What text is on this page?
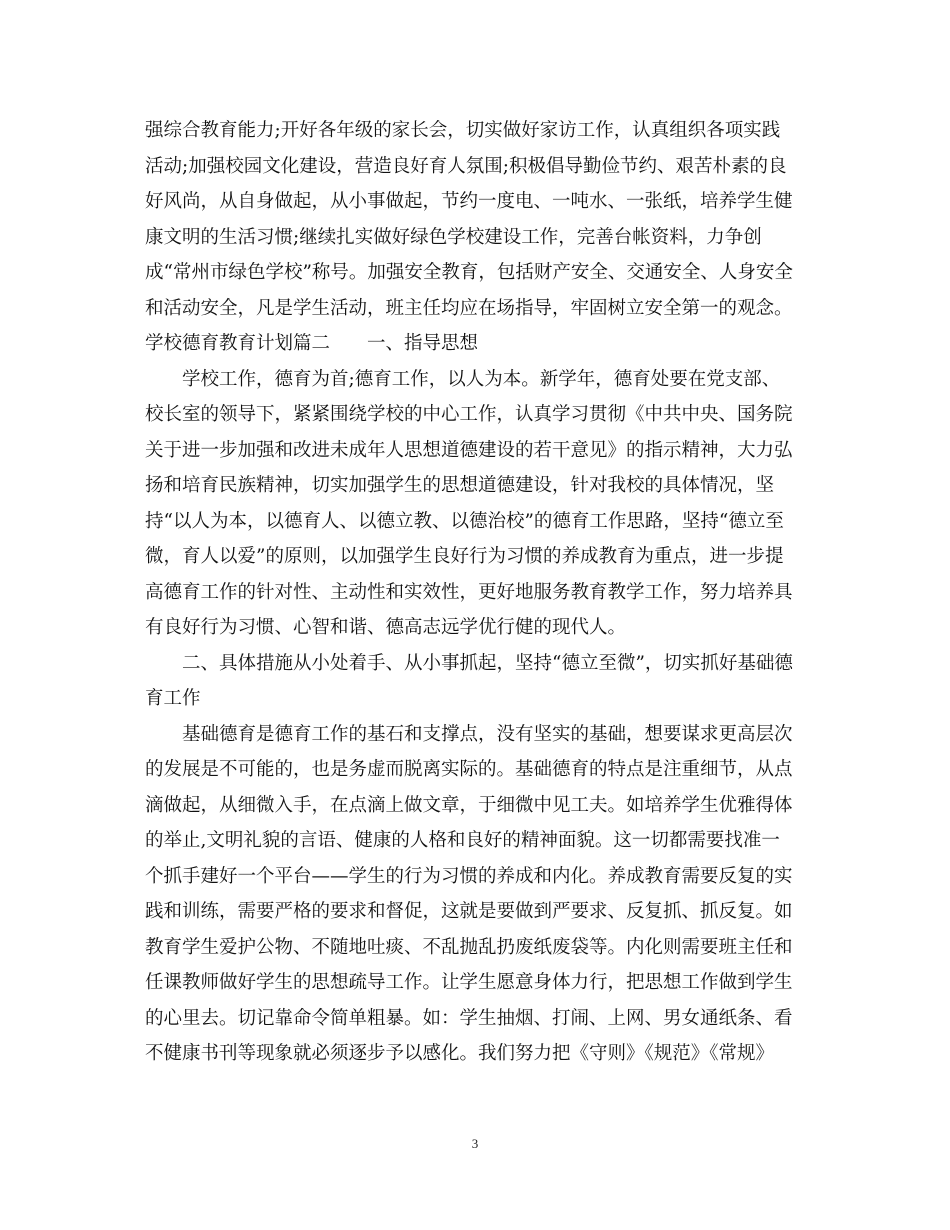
强综合教育能力;开好各年级的家长会，切实做好家访工作，认真组织各项实践
活动;加强校园文化建设，营造良好育人氛围;积极倡导勤俭节约、艰苦朴素的良
好风尚，从自身做起，从小事做起，节约一度电、一吨水、一张纸，培养学生健
康文明的生活习惯;继续扎实做好绿色学校建设工作，完善台帐资料，力争创
成“常州市绿色学校”称号。加强安全教育，包括财产安全、交通安全、人身安全
和活动安全，凡是学生活动，班主任均应在场指导，牢固树立安全第一的观念。
学校德育教育计划篇二　　一、指导思想
学校工作，德育为首;德育工作，以人为本。新学年，德育处要在党支部、
校长室的领导下，紧紧围绕学校的中心工作，认真学习贯彻《中共中央、国务院
关于进一步加强和改进未成年人思想道德建设的若干意见》的指示精神，大力弘
扬和培育民族精神，切实加强学生的思想道德建设，针对我校的具体情况，坚
持“以人为本，以德育人、以德立教、以德治校”的德育工作思路，坚持“德立至
微，育人以爱”的原则，以加强学生良好行为习惯的养成教育为重点，进一步提
高德育工作的针对性、主动性和实效性，更好地服务教育教学工作，努力培养具
有良好行为习惯、心智和谐、德高志远学优行健的现代人。
二、具体措施从小处着手、从小事抓起，坚持“德立至微”，切实抓好基础德
育工作
基础德育是德育工作的基石和支撑点，没有坚实的基础，想要谋求更高层次
的发展是不可能的，也是务虚而脱离实际的。基础德育的特点是注重细节，从点
滴做起，从细微入手，在点滴上做文章，于细微中见工夫。如培养学生优雅得体
的举止,文明礼貌的言语、健康的人格和良好的精神面貌。这一切都需要找准一
个抓手建好一个平台——学生的行为习惯的养成和内化。养成教育需要反复的实
践和训练，需要严格的要求和督促，这就是要做到严要求、反复抓、抓反复。如
教育学生爱护公物、不随地吐痰、不乱抛乱扔废纸废袋等。内化则需要班主任和
任课教师做好学生的思想疏导工作。让学生愿意身体力行，把思想工作做到学生
的心里去。切记靠命令简单粗暴。如：学生抽烟、打闹、上网、男女通纸条、看
不健康书刊等现象就必须逐步予以感化。我们努力把《守则》《规范》《常规》
3
